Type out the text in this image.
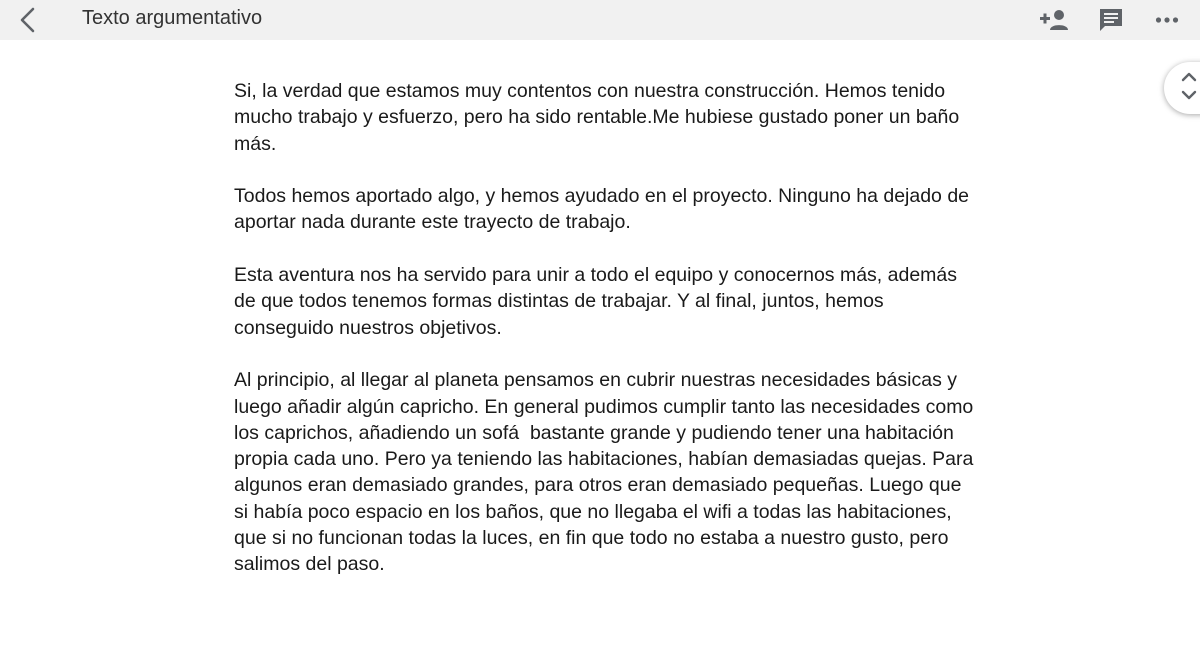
Texto argumentativo

Si, la verdad que estamos muy contentos con nuestra construcción. Hemos tenido mucho trabajo y esfuerzo, pero ha sido rentable.Me hubiese gustado poner un baño más.

Todos hemos aportado algo, y hemos ayudado en el proyecto. Ninguno ha dejado de aportar nada durante este trayecto de trabajo.

Esta aventura nos ha servido para unir a todo el equipo y conocernos más, además de que todos tenemos formas distintas de trabajar. Y al final, juntos, hemos conseguido nuestros objetivos.

Al principio, al llegar al planeta pensamos en cubrir nuestras necesidades básicas y luego añadir algún capricho. En general pudimos cumplir tanto las necesidades como los caprichos, añadiendo un sofá  bastante grande y pudiendo tener una habitación propia cada uno. Pero ya teniendo las habitaciones, habían demasiadas quejas. Para algunos eran demasiado grandes, para otros eran demasiado pequeñas. Luego que si había poco espacio en los baños, que no llegaba el wifi a todas las habitaciones, que si no funcionan todas la luces, en fin que todo no estaba a nuestro gusto, pero salimos del paso.
